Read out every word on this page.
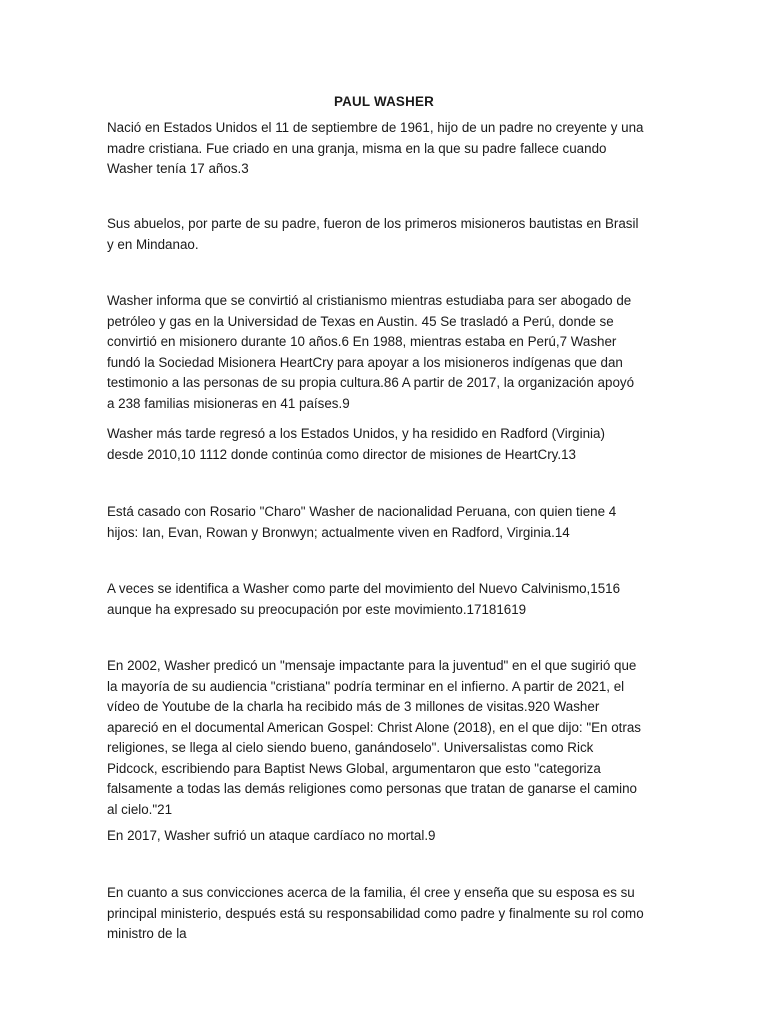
PAUL WASHER

Nació en Estados Unidos el 11 de septiembre de 1961, hijo de un padre no creyente y una madre cristiana. Fue criado en una granja, misma en la que su padre fallece cuando Washer tenía 17 años.3

Sus abuelos, por parte de su padre, fueron de los primeros misioneros bautistas en Brasil y en Mindanao.

Washer informa que se convirtió al cristianismo mientras estudiaba para ser abogado de petróleo y gas en la Universidad de Texas en Austin. 45 Se trasladó a Perú, donde se convirtió en misionero durante 10 años.6 En 1988, mientras estaba en Perú,7 Washer fundó la Sociedad Misionera HeartCry para apoyar a los misioneros indígenas que dan testimonio a las personas de su propia cultura.86 A partir de 2017, la organización apoyó a 238 familias misioneras en 41 países.9

Washer más tarde regresó a los Estados Unidos, y ha residido en Radford (Virginia) desde 2010,10 1112 donde continúa como director de misiones de HeartCry.13

Está casado con Rosario "Charo" Washer de nacionalidad Peruana, con quien tiene 4 hijos: Ian, Evan, Rowan y Bronwyn; actualmente viven en Radford, Virginia.14

A veces se identifica a Washer como parte del movimiento del Nuevo Calvinismo,1516 aunque ha expresado su preocupación por este movimiento.17181619

En 2002, Washer predicó un "mensaje impactante para la juventud" en el que sugirió que la mayoría de su audiencia "cristiana" podría terminar en el infierno. A partir de 2021, el vídeo de Youtube de la charla ha recibido más de 3 millones de visitas.920 Washer apareció en el documental American Gospel: Christ Alone (2018), en el que dijo: "En otras religiones, se llega al cielo siendo bueno, ganándoselo". Universalistas como Rick Pidcock, escribiendo para Baptist News Global, argumentaron que esto "categoriza falsamente a todas las demás religiones como personas que tratan de ganarse el camino al cielo."21

En 2017, Washer sufrió un ataque cardíaco no mortal.9

En cuanto a sus convicciones acerca de la familia, él cree y enseña que su esposa es su principal ministerio, después está su responsabilidad como padre y finalmente su rol como ministro de la
